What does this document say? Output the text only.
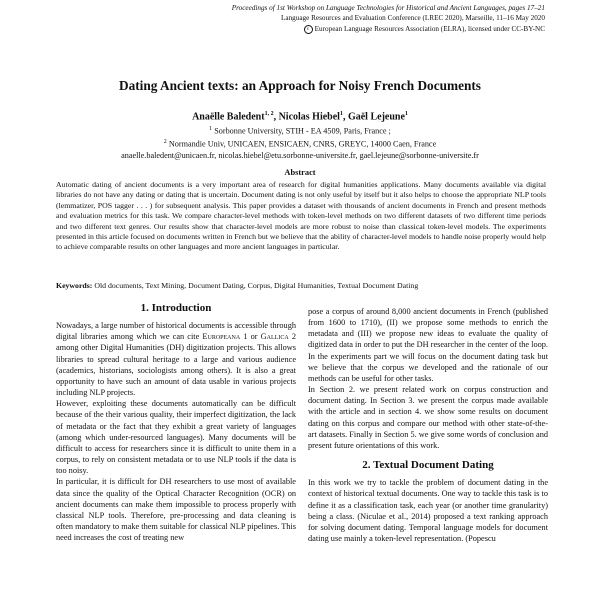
Proceedings of 1st Workshop on Language Technologies for Historical and Ancient Languages, pages 17–21
Language Resources and Evaluation Conference (LREC 2020), Marseille, 11–16 May 2020
c European Language Resources Association (ELRA), licensed under CC-BY-NC
Dating Ancient texts: an Approach for Noisy French Documents
Anaëlle Baledent$^{1, 2}$, Nicolas Hiebel$^1$, Gaël Lejeune$^1$
$^1$ Sorbonne University, STIH - EA 4509, Paris, France ;
$^2$ Normandie Univ, UNICAEN, ENSICAEN, CNRS, GREYC, 14000 Caen, France
anaelle.baledent@unicaen.fr, nicolas.hiebel@etu.sorbonne-universite.fr, gael.lejeune@sorbonne-universite.fr
Abstract
Automatic dating of ancient documents is a very important area of research for digital humanities applications. Many documents available via digital libraries do not have any dating or dating that is uncertain. Document dating is not only useful by itself but it also helps to choose the appropriate NLP tools (lemmatizer, POS tagger . . . ) for subsequent analysis. This paper provides a dataset with thousands of ancient documents in French and present methods and evaluation metrics for this task. We compare character-level methods with token-level methods on two different datasets of two different time periods and two different text genres. Our results show that character-level models are more robust to noise than classical token-level models. The experiments presented in this article focused on documents written in French but we believe that the ability of character-level models to handle noise properly would help to achieve comparable results on other languages and more ancient languages in particular.
Keywords: Old documents, Text Mining, Document Dating, Corpus, Digital Humanities, Textual Document Dating
1. Introduction

Nowadays, a large number of historical documents is accessible through digital libraries among which we can cite Europeana 1 or Gallica 2 among other Digital Humanities (DH) digitization projects. This allows libraries to spread cultural heritage to a large and various audience (academics, historians, sociologists among others). It is also a great opportunity to have such an amount of data usable in various projects including NLP projects.

However, exploiting these documents automatically can be difficult because of the their various quality, their imperfect digitization, the lack of metadata or the fact that they exhibit a great variety of languages (among which under-resourced languages). Many documents will be difficult to access for researchers since it is difficult to unite them in a corpus, to rely on consistent metadata or to use NLP tools if the data is too noisy.

In particular, it is difficult for DH researchers to use most of available data since the quality of the Optical Character Recognition (OCR) on ancient documents can make them impossible to process properly with classical NLP tools. Therefore, pre-processing and data cleaning is often mandatory to make them suitable for classical NLP pipelines. This need increases the cost of treating new

pose a corpus of around 8,000 ancient documents in French (published from 1600 to 1710), (II) we propose some methods to enrich the metadata and (III) we propose new ideas to evaluate the quality of digitized data in order to put the DH researcher in the center of the loop. In the experiments part we will focus on the document dating task but we believe that the corpus we developed and the rationale of our methods can be useful for other tasks.

In Section 2. we present related work on corpus construction and document dating. In Section 3. we present the corpus made available with the article and in section 4. we show some results on document dating on this corpus and compare our method with other state-of-the-art datasets. Finally in Section 5. we give some words of conclusion and present future orientations of this work.

2. Textual Document Dating

In this work we try to tackle the problem of document dating in the context of historical textual documents. One way to tackle this task is to define it as a classification task, each year (or another time granularity) being a class. (Niculae et al., 2014) proposed a text ranking approach for solving document dating. Temporal language models for document dating use mainly a token-level representation. (Popescu
